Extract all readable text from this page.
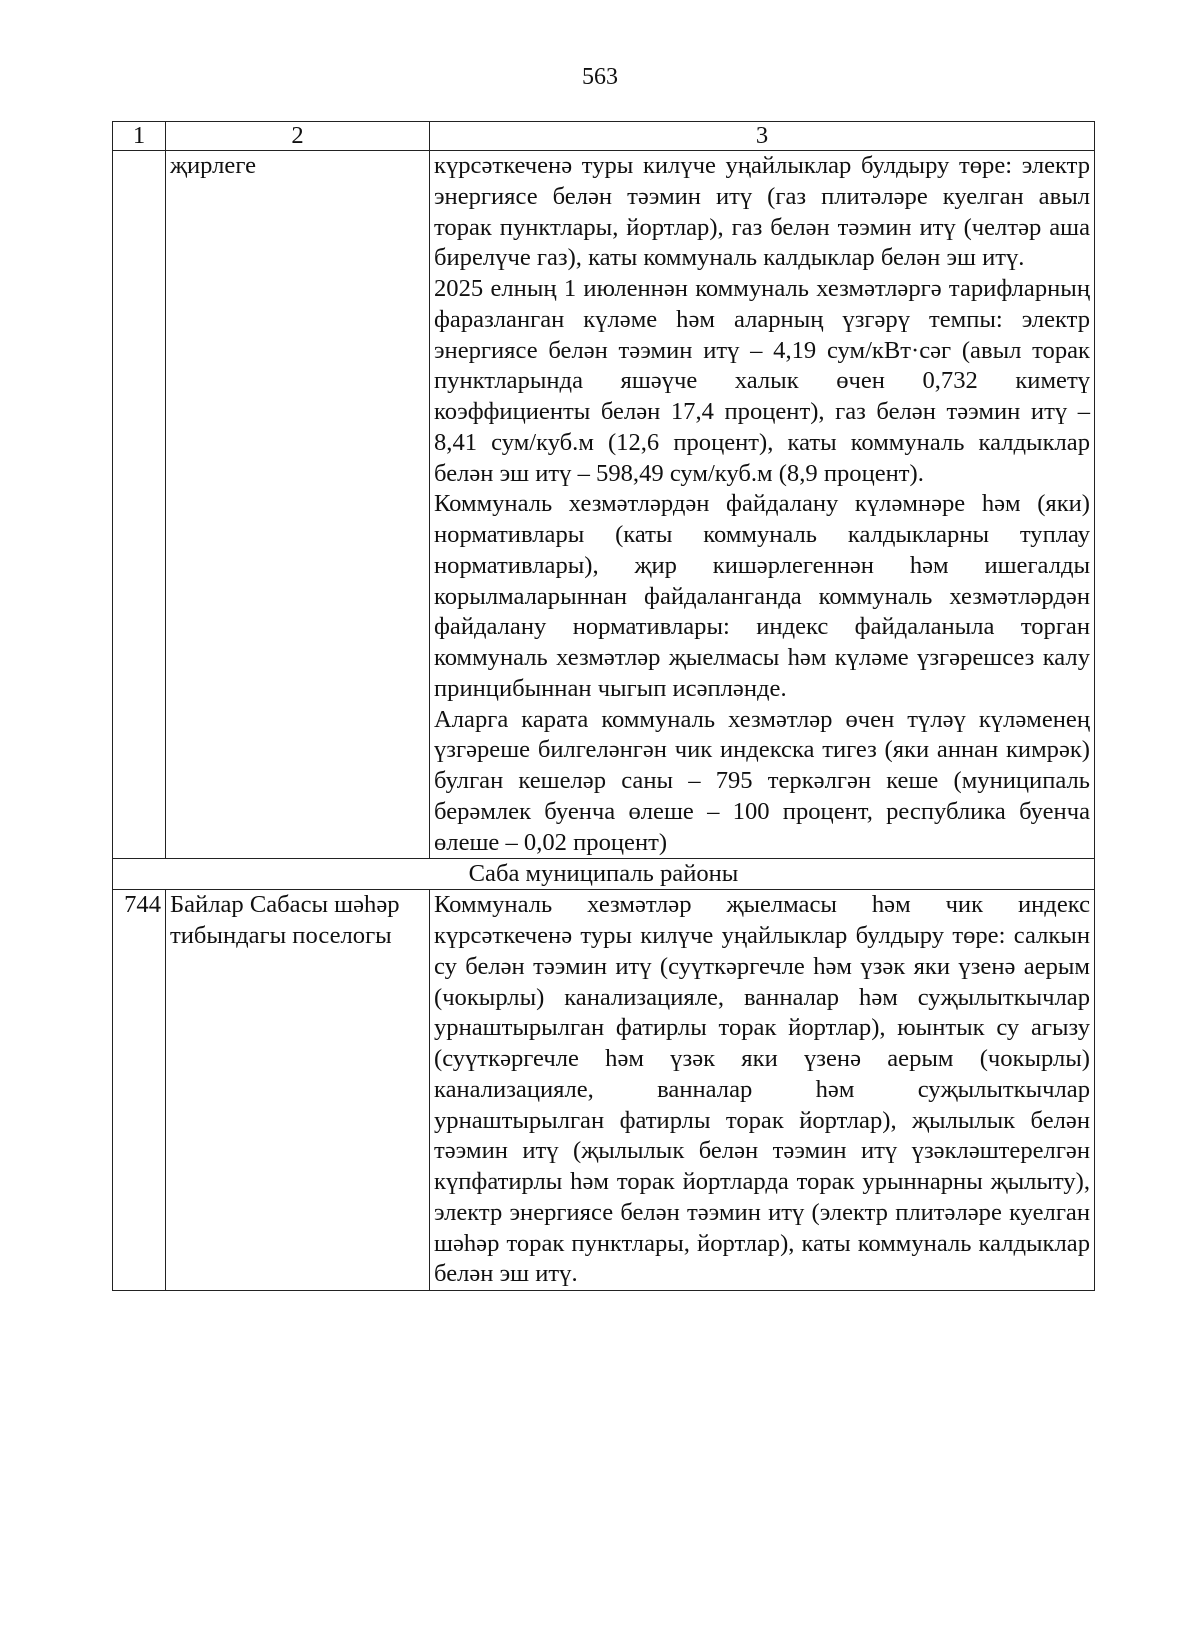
563
1	2	3
	җирлеге	күрсәткеченә туры килүче уңайлыклар булдыру төре: электр энергиясе белән тәэмин итү (газ плитәләре куелган авыл торак пунктлары, йортлар), газ белән тәэмин итү (челтәр аша бирелүче газ), каты коммуналь калдыклар белән эш итү.

2025 елның 1 июленнән коммуналь хезмәтләргә тарифларның фаразланган күләме һәм аларның үзгәрү темпы: электр энергиясе белән тәэмин итү – 4,19 сум/кВт·сәг (авыл торак пунктларында яшәүче халык өчен 0,732 киметү коэффициенты белән 17,4 процент), газ белән тәэмин итү – 8,41 сум/куб.м (12,6 процент), каты коммуналь калдыклар белән эш итү – 598,49 сум/куб.м (8,9 процент).

Коммуналь хезмәтләрдән файдалану күләмнәре һәм (яки) нормативлары (каты коммуналь калдыкларны туплау нормативлары), җир кишәрлегеннән һәм ишегалды корылмаларыннан файдаланганда коммуналь хезмәтләрдән файдалану нормативлары: индекс файдаланыла торган коммуналь хезмәтләр җыелмасы һәм күләме үзгәрешсез калу принцибыннан чыгып исәпләнде.

Аларга карата коммуналь хезмәтләр өчен түләү күләменең үзгәреше билгеләнгән чик индекска тигез (яки аннан кимрәк) булган кешеләр саны – 795 теркәлгән кеше (муниципаль берәмлек буенча өлеше – 100 процент, республика буенча өлеше – 0,02 процент)

Саба муниципаль районы		
744	Байлар Сабасы шәһәр тибындагы поселогы	Коммуналь хезмәтләр җыелмасы һәм чик индекс күрсәткеченә туры килүче уңайлыклар булдыру төре: салкын су белән тәэмин итү (суүткәргечле һәм үзәк яки үзенә аерым (чокырлы) канализацияле, ванналар һәм суҗылыткычлар урнаштырылган фатирлы торак йортлар), юынтык су агызу (суүткәргечле һәм үзәк яки үзенә аерым (чокырлы) канализацияле, ванналар һәм суҗылыткычлар урнаштырылган фатирлы торак йортлар), җылылык белән тәэмин итү (җылылык белән тәэмин итү үзәкләштерелгән күпфатирлы һәм торак йортларда торак урыннарны җылыту), электр энергиясе белән тәэмин итү (электр плитәләре куелган шәһәр торак пунктлары, йортлар), каты коммуналь калдыклар белән эш итү.
